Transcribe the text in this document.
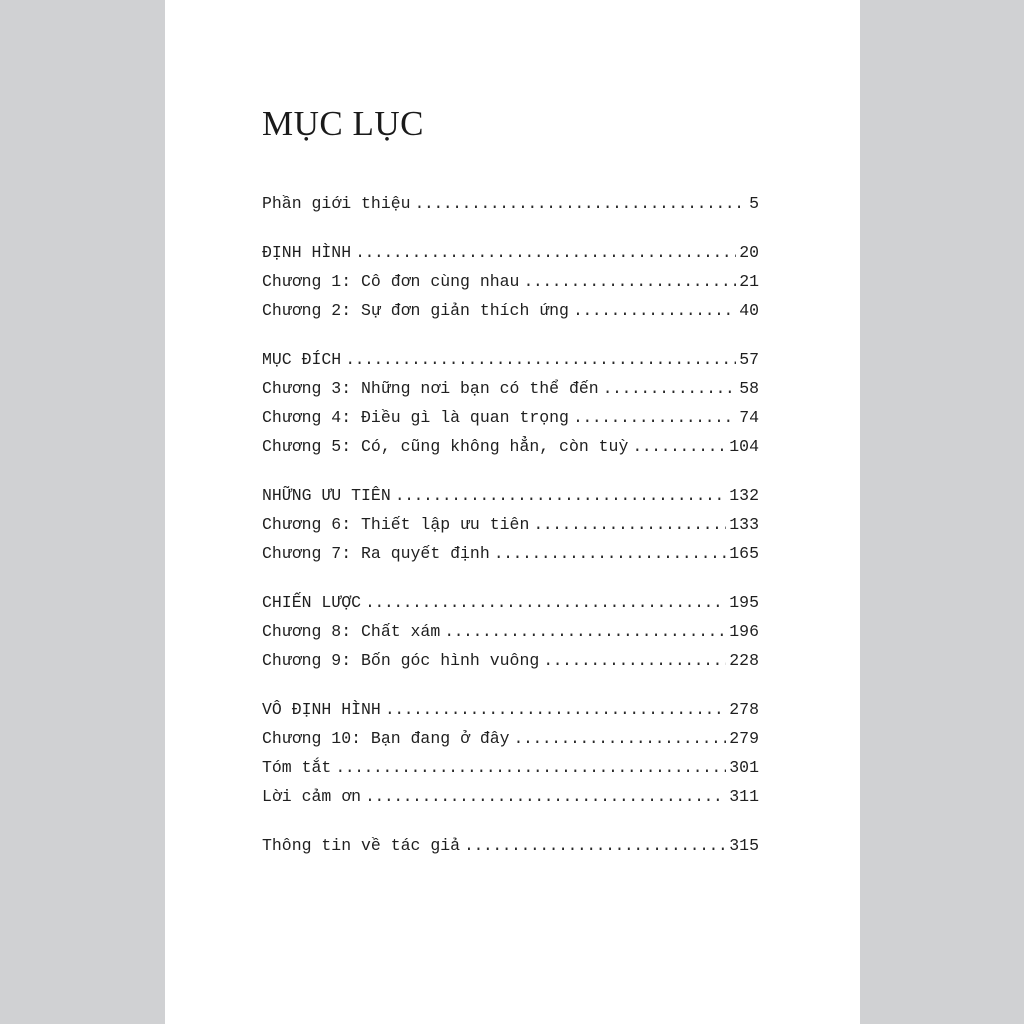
MỤC LỤC
Phần giới thiệu .....	5
ĐỊNH HÌNH .....	20
Chương 1: Cô đơn cùng nhau .....	21
Chương 2: Sự đơn giản thích ứng .....	40
MỤC ĐÍCH .....	57
Chương 3: Những nơi bạn có thể đến .....	58
Chương 4: Điều gì là quan trọng .....	74
Chương 5: Có, cũng không hẳn, còn tuỳ .....	104
NHỮNG ƯU TIÊN .....	132
Chương 6: Thiết lập ưu tiên .....	133
Chương 7: Ra quyết định .....	165
CHIẾN LƯỢC .....	195
Chương 8: Chất xám .....	196
Chương 9: Bốn góc hình vuông .....	228
VÔ ĐỊNH HÌNH .....	278
Chương 10: Bạn đang ở đây .....	279
Tóm tắt .....	301
Lời cảm ơn .....	311
Thông tin về tác giả .....	315
